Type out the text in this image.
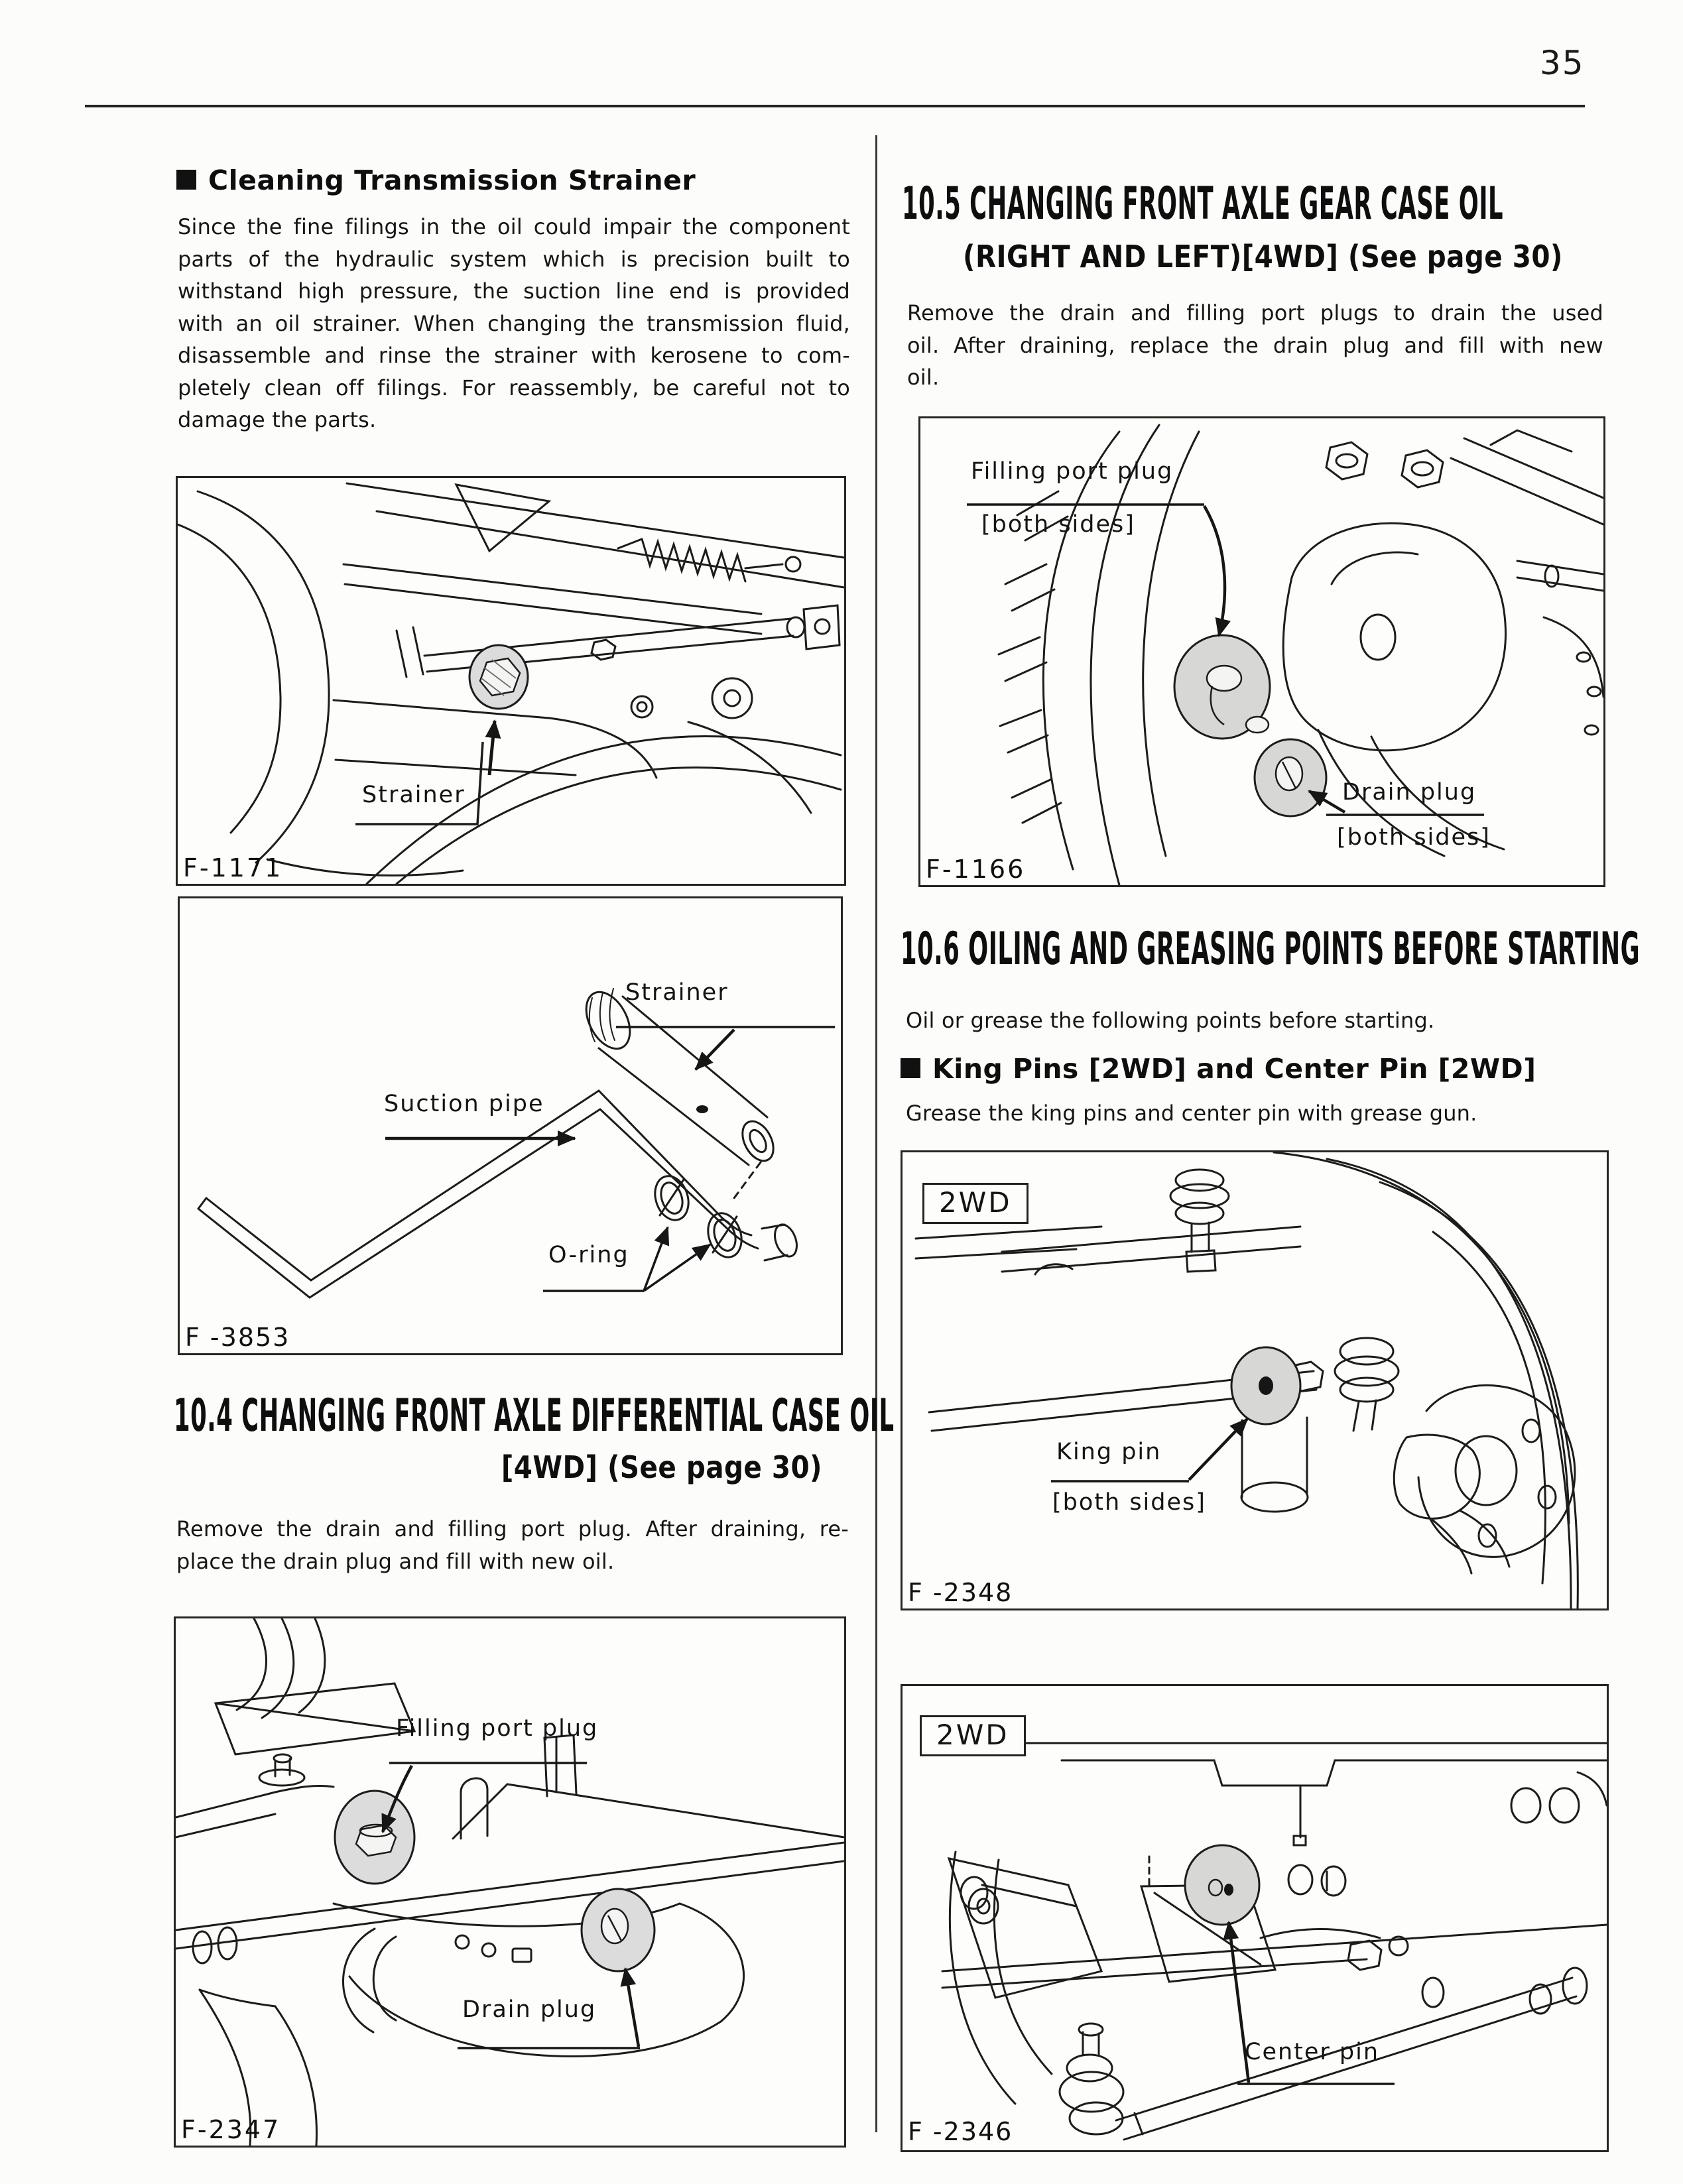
35
Cleaning Transmission Strainer
Since the fine filings in the oil could impair the component
parts of the hydraulic system which is precision built to
withstand high pressure, the suction line end is provided
with an oil strainer. When changing the transmission fluid,
disassemble and rinse the strainer with kerosene to com-
pletely clean off filings. For reassembly, be careful not to
damage the parts.
Strainer
F-1171
Strainer
Suction pipe
O-ring
F -3853
10.4 CHANGING FRONT AXLE DIFFERENTIAL CASE OIL
[4WD] (See page 30)
Remove the drain and filling port plug. After draining, re-
place the drain plug and fill with new oil.
Filling port plug
Drain plug
F-2347
10.5 CHANGING FRONT AXLE GEAR CASE OIL
(RIGHT AND LEFT)[4WD] (See page 30)
Remove the drain and filling port plugs to drain the used
oil. After draining, replace the drain plug and fill with new
oil.
Filling port plug
[both sides]
Drain plug
[both sides]
F-1166
10.6 OILING AND GREASING POINTS BEFORE STARTING
Oil or grease the following points before starting.
King Pins [2WD] and Center Pin [2WD]
Grease the king pins and center pin with grease gun.
2WD
King pin
[both sides]
F -2348
2WD
Center pin
F -2346
